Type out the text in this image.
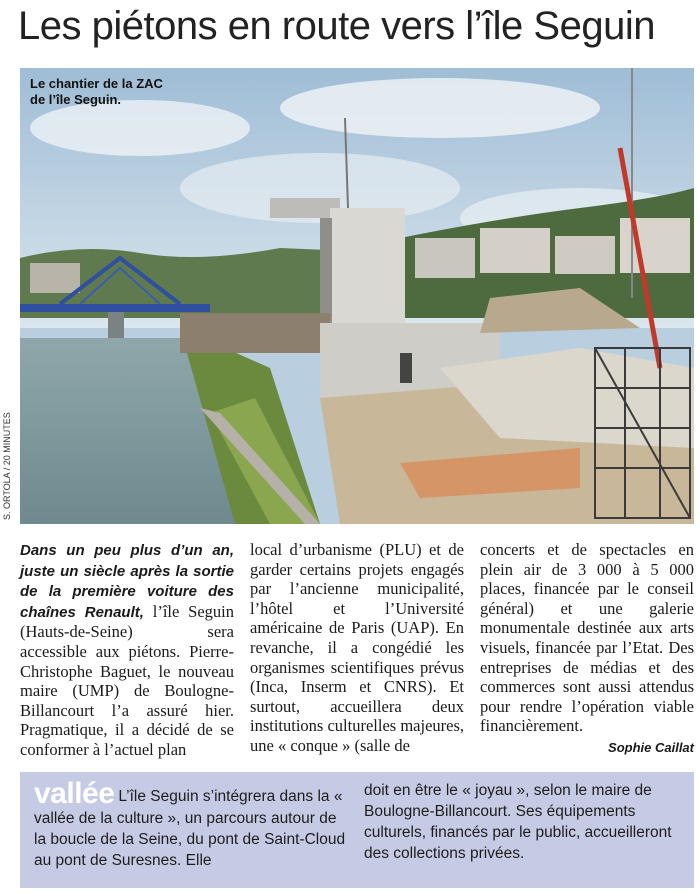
Les piétons en route vers l’île Seguin
Le chantier de la ZAC
de l’île Seguin.
S. ORTOLA / 20 MINUTES
Dans un peu plus d’un an, juste un siècle après la sortie de la première voiture des chaînes Renault, l’île Seguin (Hauts-de-Seine) sera accessible aux piétons. Pierre-Christophe Baguet, le nouveau maire (UMP) de Boulogne-Billancourt l’a assuré hier. Pragmatique, il a décidé de se conformer à l’actuel plan
local d’urbanisme (PLU) et de garder certains projets engagés par l’ancienne municipalité, l’hôtel et l’Université américaine de Paris (UAP). En revanche, il a congédié les organismes scientifiques prévus (Inca, Inserm et CNRS). Et surtout, accueillera deux institutions culturelles majeures, une « conque » (salle de
concerts et de spectacles en plein air de 3 000 à 5 000 places, financée par le conseil général) et une galerie monumentale destinée aux arts visuels, financée par l’Etat. Des entreprises de médias et des commerces sont aussi attendus pour rendre l’opération viable financièrement.
Sophie Caillat
vallée L’île Seguin s’intégrera dans la « vallée de la culture », un parcours autour de la boucle de la Seine, du pont de Saint-Cloud au pont de Suresnes. Elle
doit en être le « joyau », selon le maire de Boulogne-Billancourt. Ses équipements culturels, financés par le public, accueilleront des collections privées.
